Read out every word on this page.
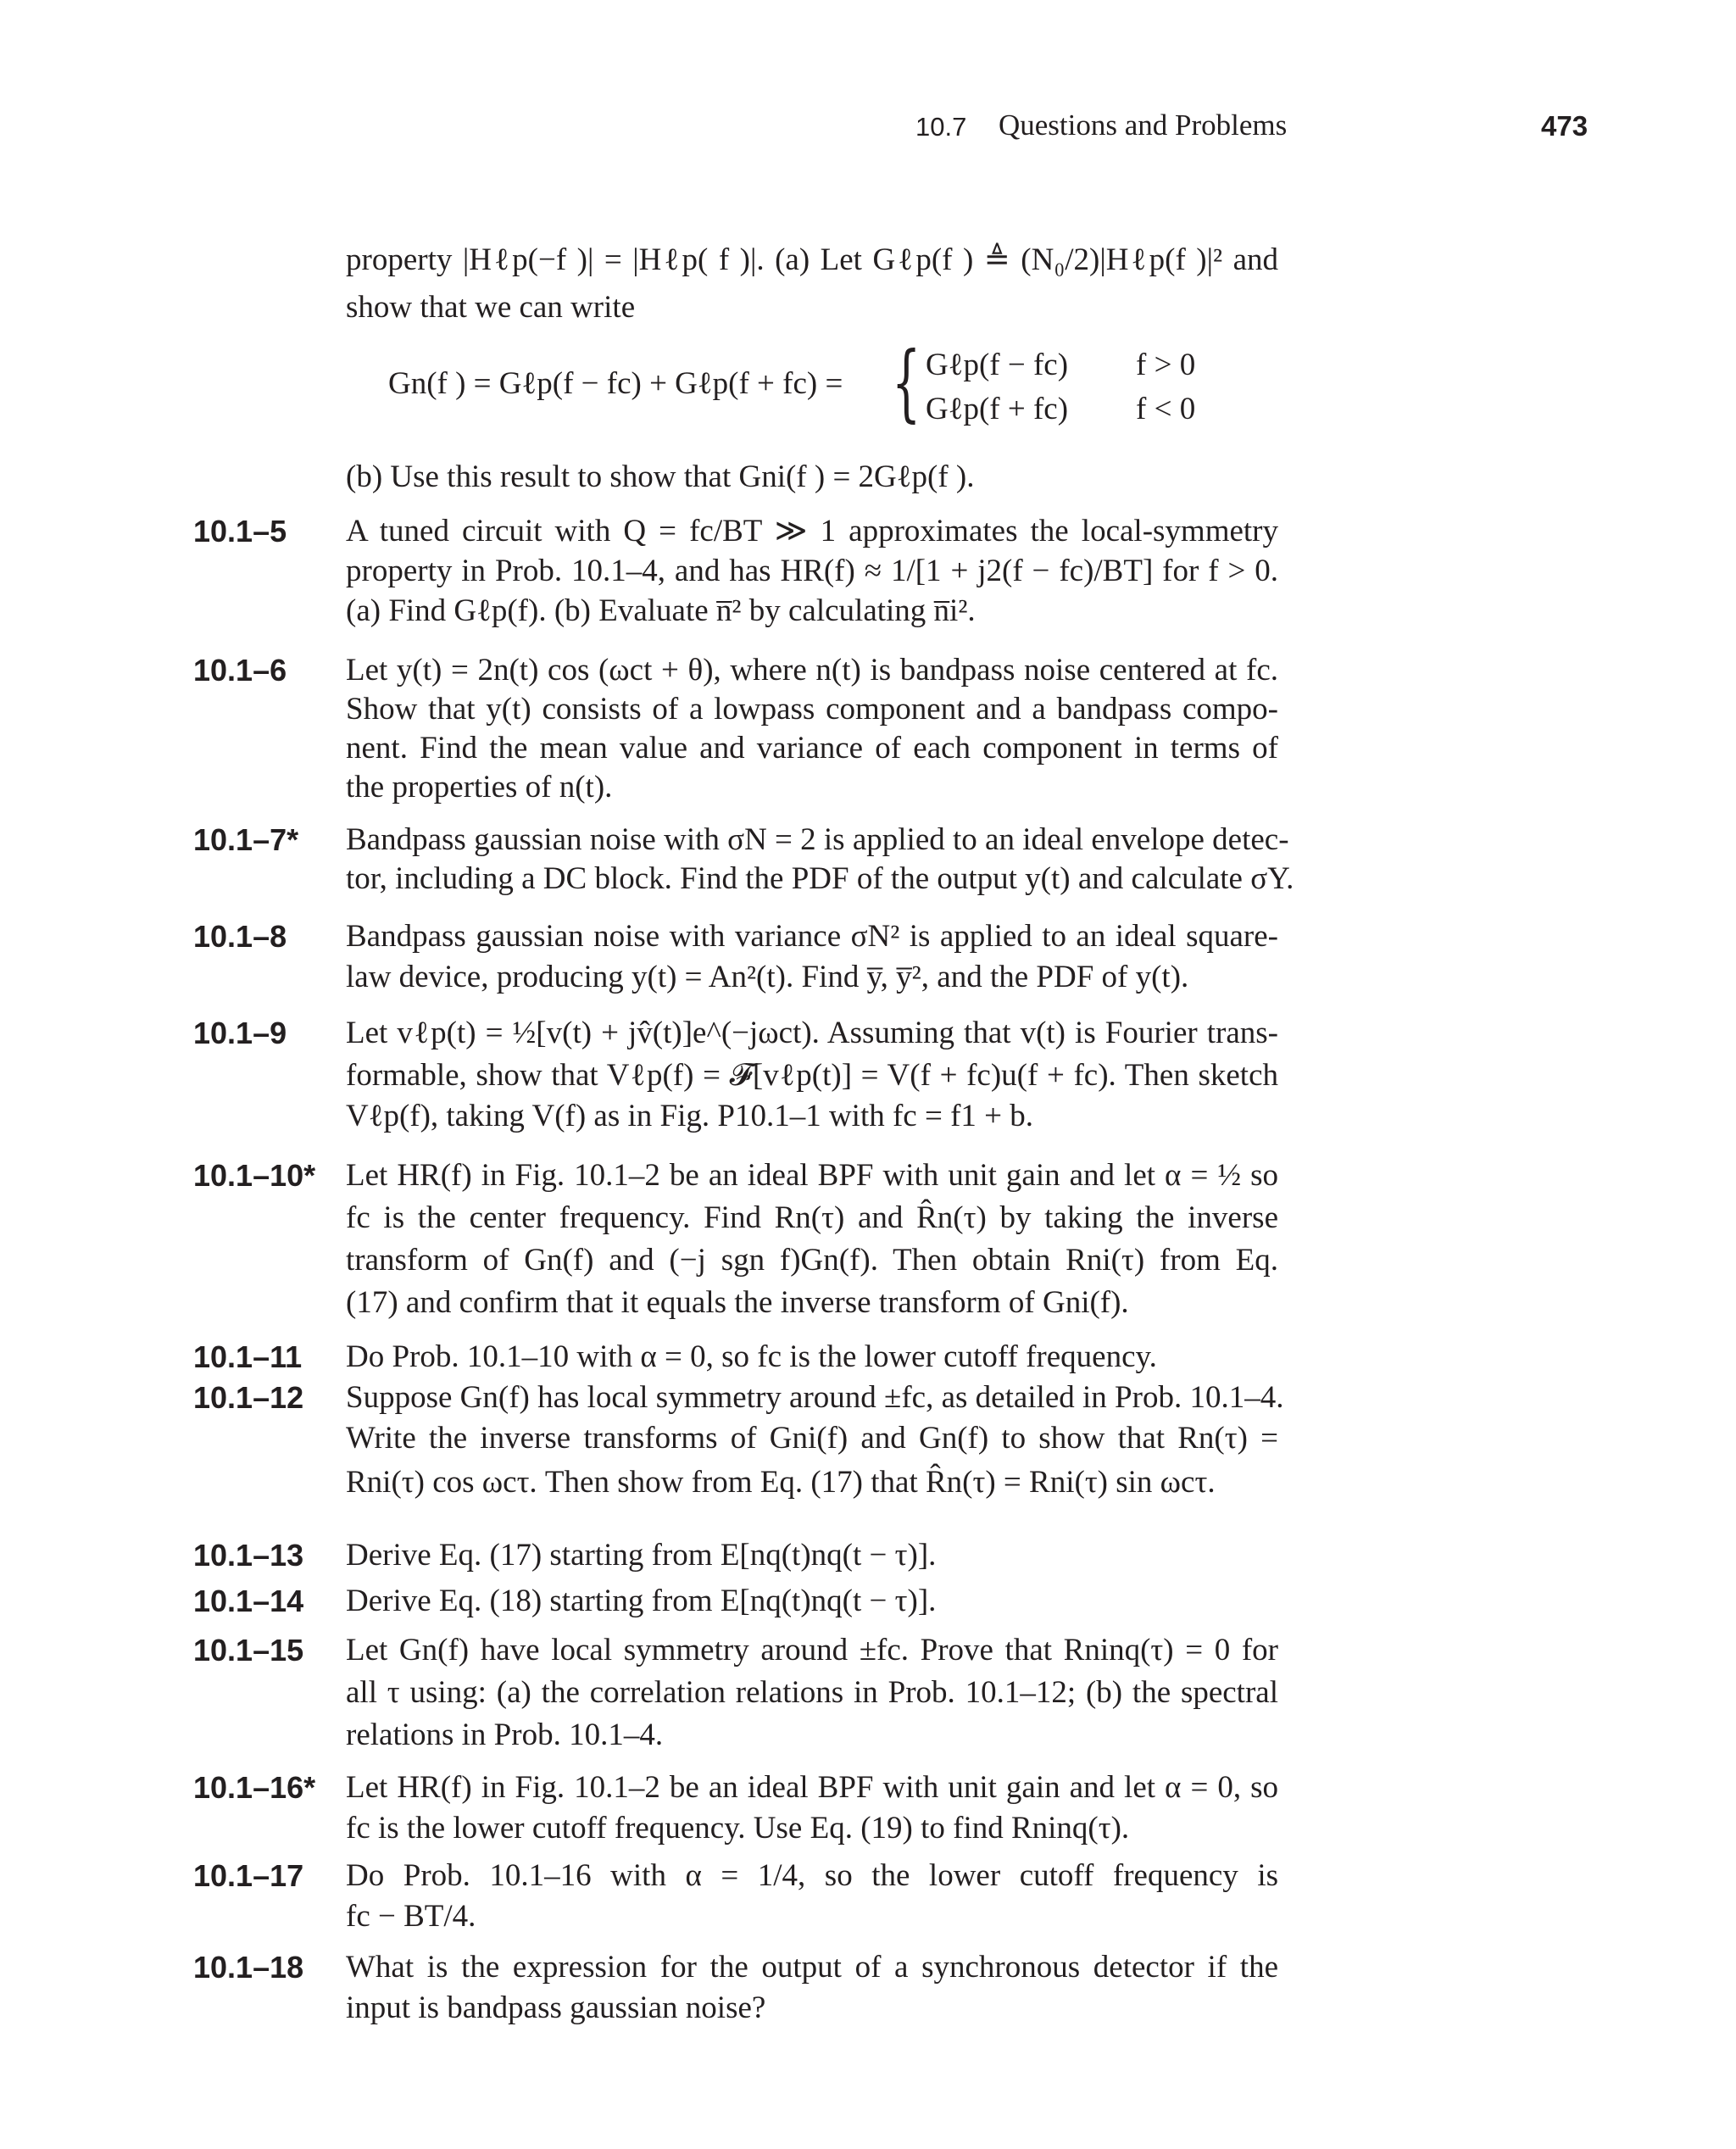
10.7 Questions and Problems	473
property |Hℓp(−f )| = |Hℓp( f )|. (a) Let Gℓp(f ) ≜ (N₀/2)|Hℓp(f )|² and
show that we can write
Gn(f ) = Gℓp(f − fc) + Gℓp(f + fc) = { Gℓp(f − fc) f > 0
Gℓp(f + fc) f < 0
(b) Use this result to show that Gni(f ) = 2Gℓp(f ).
10.1–5 A tuned circuit with Q = fc/BT ≫ 1 approximates the local-symmetry
property in Prob. 10.1–4, and has HR(f) ≈ 1/[1 + j2(f − fc)/BT] for f > 0.
(a) Find Gℓp(f). (b) Evaluate n̅² by calculating n̅i².
10.1–6 Let y(t) = 2n(t) cos (ωct + θ), where n(t) is bandpass noise centered at fc.
Show that y(t) consists of a lowpass component and a bandpass compo-
nent. Find the mean value and variance of each component in terms of
the properties of n(t).
10.1–7* Bandpass gaussian noise with σN = 2 is applied to an ideal envelope detec-
tor, including a DC block. Find the PDF of the output y(t) and calculate σY.
10.1–8 Bandpass gaussian noise with variance σN² is applied to an ideal square-
law device, producing y(t) = An²(t). Find y̅, y̅², and the PDF of y(t).
10.1–9 Let vℓp(t) = ½[v(t) + jv̂(t)]e^(−jωct). Assuming that v(t) is Fourier trans-
formable, show that Vℓp(f) = 𝓕[vℓp(t)] = V(f + fc)u(f + fc). Then sketch
Vℓp(f), taking V(f) as in Fig. P10.1–1 with fc = f1 + b.
10.1–10* Let HR(f) in Fig. 10.1–2 be an ideal BPF with unit gain and let α = ½ so
fc is the center frequency. Find Rn(τ) and R̂n(τ) by taking the inverse
transform of Gn(f) and (−j sgn f)Gn(f). Then obtain Rni(τ) from Eq.
(17) and confirm that it equals the inverse transform of Gni(f).
10.1–11 Do Prob. 10.1–10 with α = 0, so fc is the lower cutoff frequency.
10.1–12 Suppose Gn(f) has local symmetry around ±fc, as detailed in Prob. 10.1–4.
Write the inverse transforms of Gni(f) and Gn(f) to show that Rn(τ) =
Rni(τ) cos ωcτ. Then show from Eq. (17) that R̂n(τ) = Rni(τ) sin ωcτ.
10.1–13 Derive Eq. (17) starting from E[nq(t)nq(t − τ)].
10.1–14 Derive Eq. (18) starting from E[nq(t)nq(t − τ)].
10.1–15 Let Gn(f) have local symmetry around ±fc. Prove that Rninq(τ) = 0 for
all τ using: (a) the correlation relations in Prob. 10.1–12; (b) the spectral
relations in Prob. 10.1–4.
10.1–16* Let HR(f) in Fig. 10.1–2 be an ideal BPF with unit gain and let α = 0, so
fc is the lower cutoff frequency. Use Eq. (19) to find Rninq(τ).
10.1–17 Do Prob. 10.1–16 with α = 1/4, so the lower cutoff frequency is
fc − BT/4.
10.1–18 What is the expression for the output of a synchronous detector if the
input is bandpass gaussian noise?
